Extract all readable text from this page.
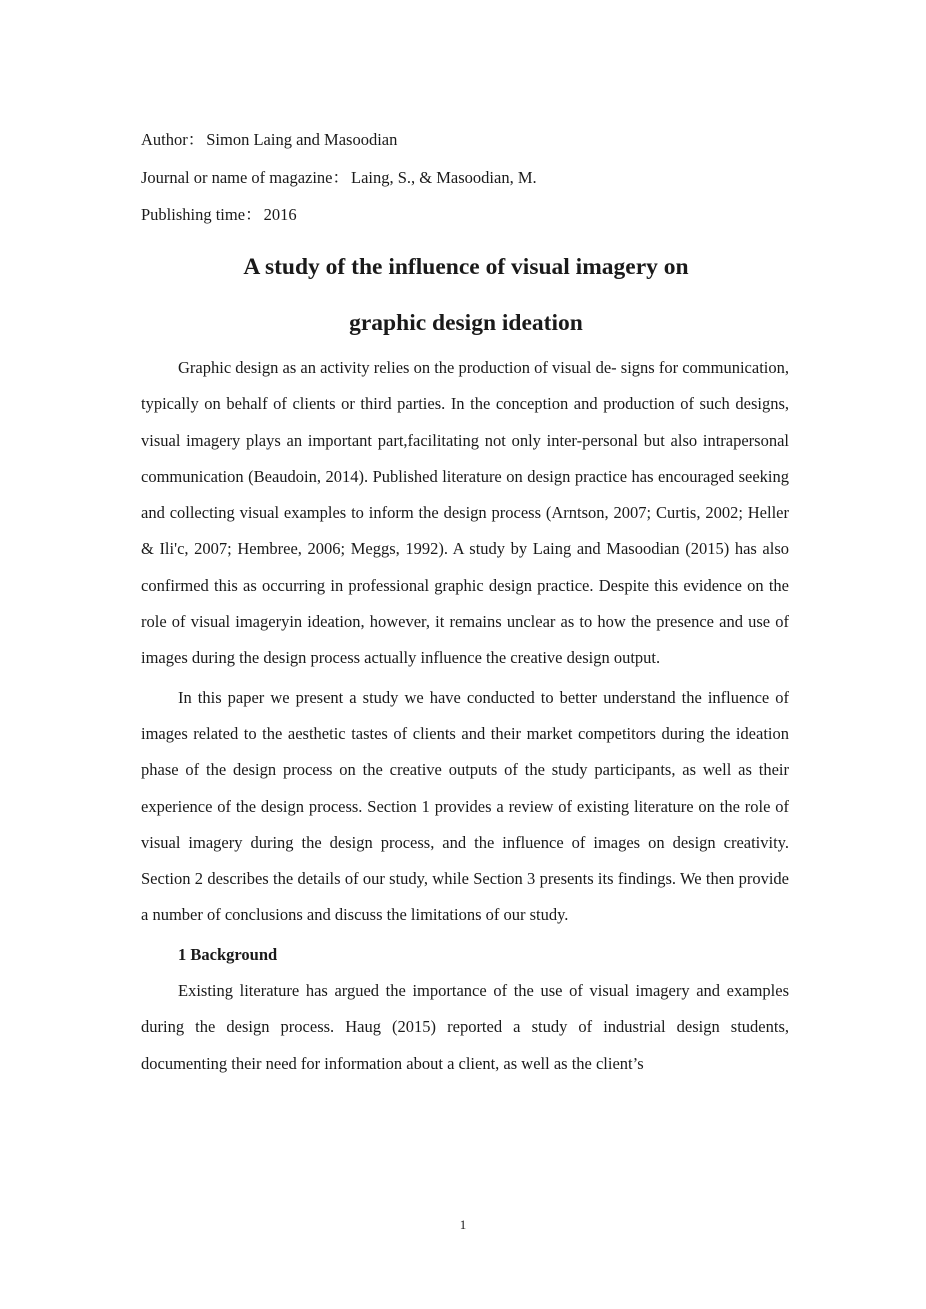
Author： Simon Laing and Masoodian
Journal or name of magazine： Laing, S., & Masoodian, M.
Publishing time： 2016
A study of the influence of visual imagery on
graphic design ideation

Graphic design as an activity relies on the production of visual de- signs for communication, typically on behalf of clients or third parties. In the conception and production of such designs, visual imagery plays an important part,facilitating not only inter-personal but also intrapersonal communication (Beaudoin, 2014). Published literature on design practice has encouraged seeking and collecting visual examples to inform the design process (Arntson, 2007; Curtis, 2002; Heller & Ili'c, 2007; Hembree, 2006; Meggs, 1992). A study by Laing and Masoodian (2015) has also confirmed this as occurring in professional graphic design practice. Despite this evidence on the role of visual imageryin ideation, however, it remains unclear as to how the presence and use of images during the design process actually influence the creative design output.

In this paper we present a study we have conducted to better understand the influence of images related to the aesthetic tastes of clients and their market competitors during the ideation phase of the design process on the creative outputs of the study participants, as well as their experience of the design process. Section 1 provides a review of existing literature on the role of visual imagery during the design process, and the influence of images on design creativity. Section 2 describes the details of our study, while Section 3 presents its findings. We then provide a number of conclusions and discuss the limitations of our study.

1 Background

Existing literature has argued the importance of the use of visual imagery and examples during the design process. Haug (2015) reported a study of industrial design students, documenting their need for information about a client, as well as the client’s

1
